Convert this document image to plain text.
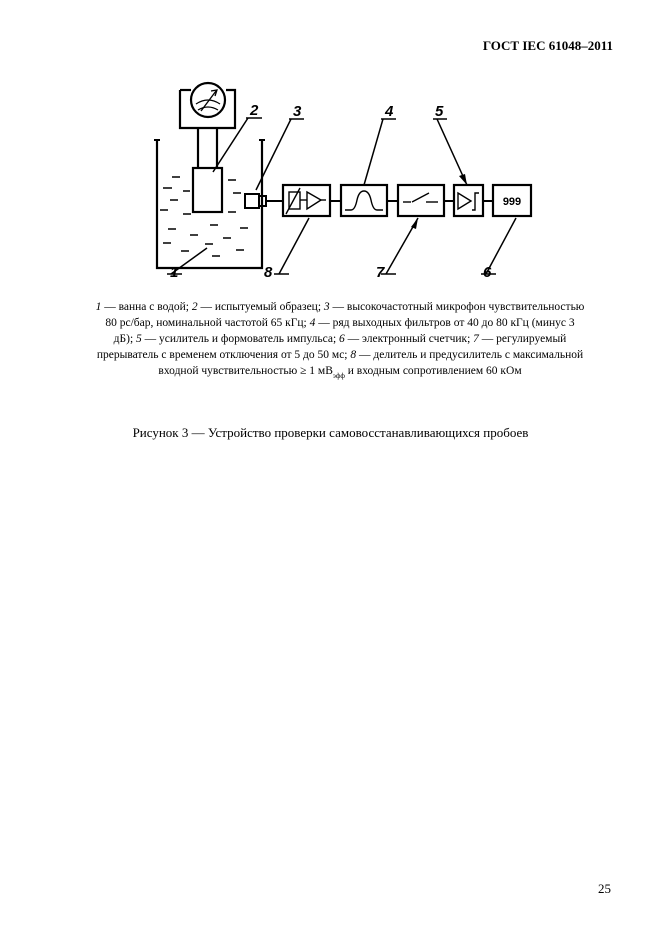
ГОСТ IEC 61048–2011
999
1
2 3	4	5
6
7
8
1 — ванна с водой; 2 — испытуемый образец; 3 — высокочастотный микрофон чувствительностью 80 рс/бар, номинальной частотой 65 кГц; 4 — ряд выходных фильтров от 40 до 80 кГц (минус 3 дБ); 5 — усилитель и формователь импульса; 6 — электронный счетчик; 7 — регулируемый прерыватель с временем отключения от 5 до 50 мс; 8 — делитель и предусилитель с максимальной входной чувствительностью ≥ 1 $мВ_{эфф}$ и входным сопротивлением 60 кОм
Рисунок 3 — Устройство проверки самовосстанавливающихся пробоев
25
